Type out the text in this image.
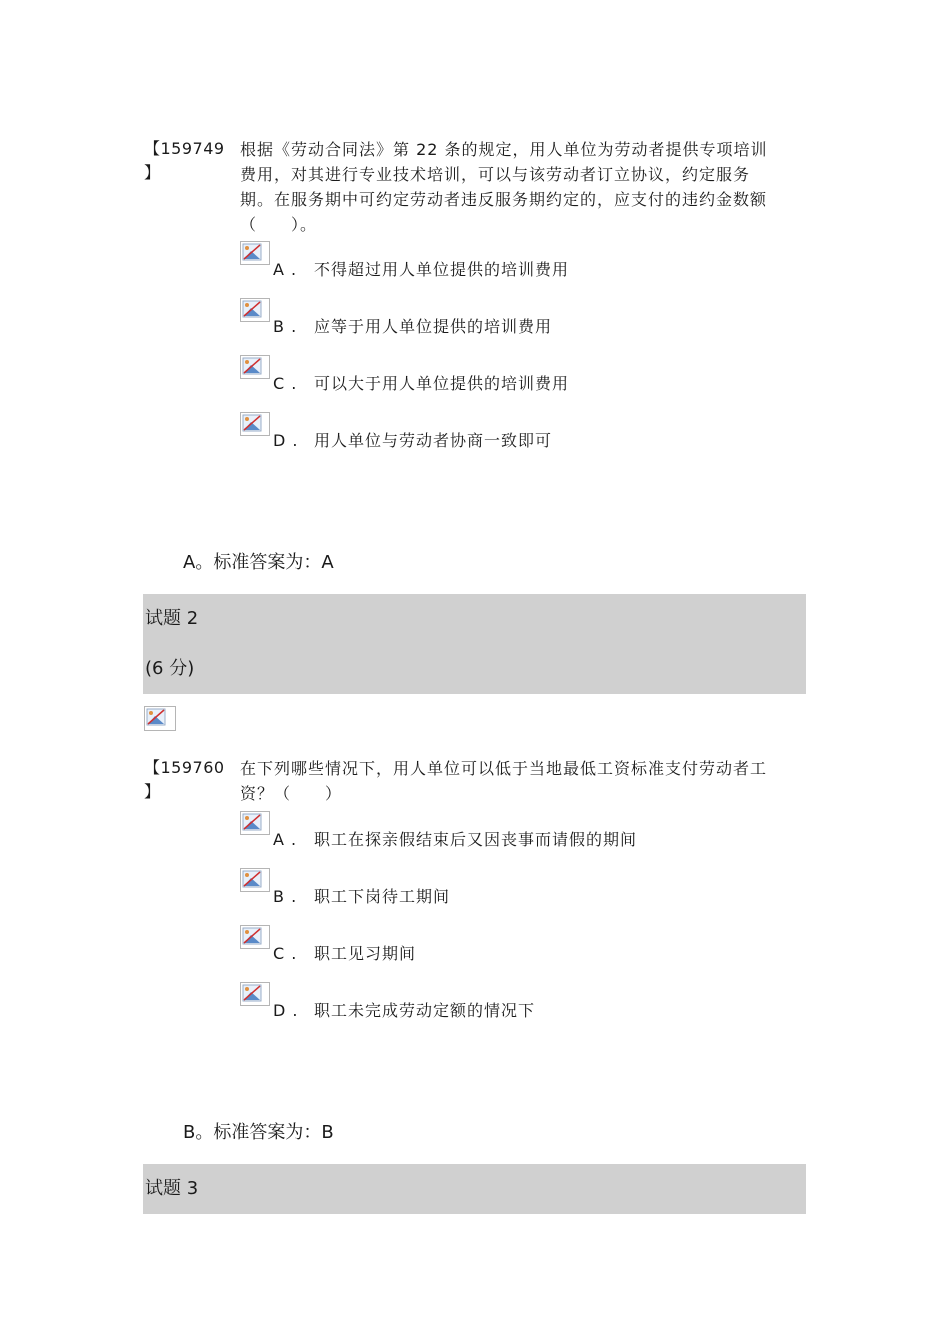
【159749
】
根据《劳动合同法》第 22 条的规定，用人单位为劳动者提供专项培训费用，对其进行专业技术培训，可以与该劳动者订立协议，约定服务期。在服务期中可约定劳动者违反服务期约定的，应支付的违约金数额（　　）。
A .	不得超过用人单位提供的培训费用
B .	应等于用人单位提供的培训费用
C .	可以大于用人单位提供的培训费用
D . 用人单位与劳动者协商一致即可
A。标准答案为：A
试题 2
(6 分)
【159760
】
在下列哪些情况下，用人单位可以低于当地最低工资标准支付劳动者工资？（　　）
A .	职工在探亲假结束后又因丧事而请假的期间
B .	职工下岗待工期间
C .	职工见习期间
D . 职工未完成劳动定额的情况下
B。标准答案为：B
试题 3
